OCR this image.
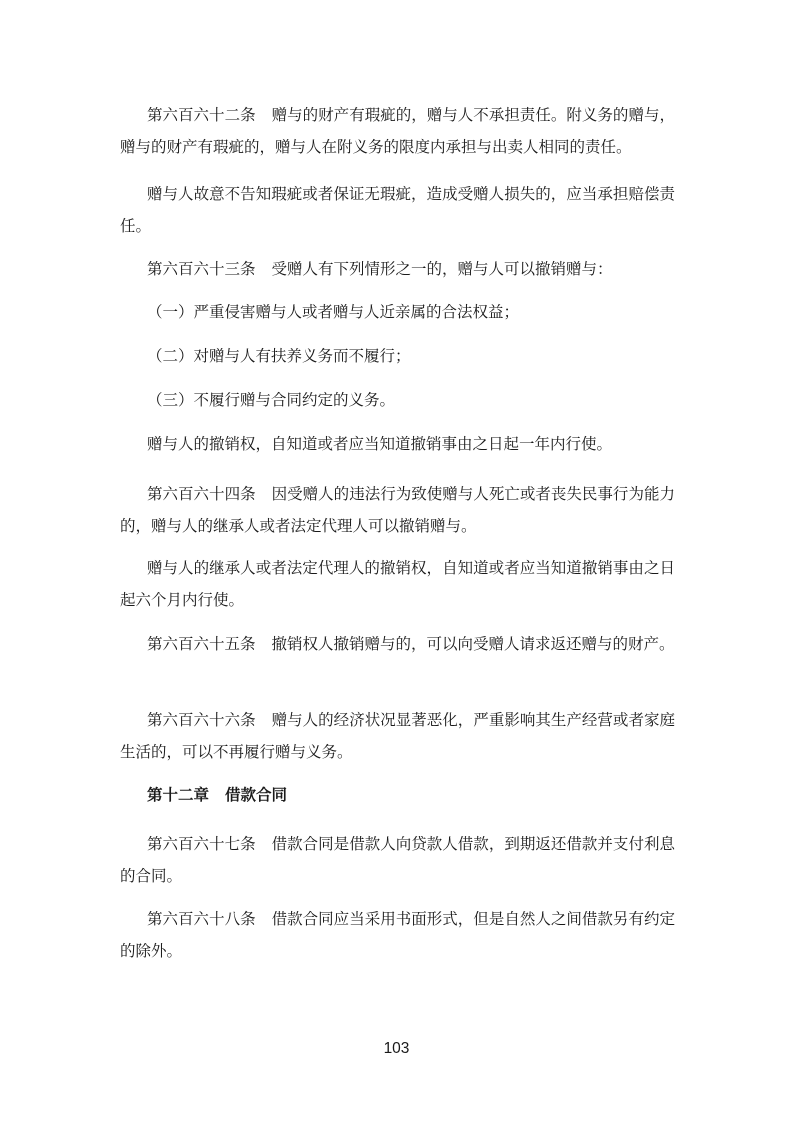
第六百六十二条 赠与的财产有瑕疵的，赠与人不承担责任。附义务的赠与，赠与的财产有瑕疵的，赠与人在附义务的限度内承担与出卖人相同的责任。

赠与人故意不告知瑕疵或者保证无瑕疵，造成受赠人损失的，应当承担赔偿责任。

第六百六十三条 受赠人有下列情形之一的，赠与人可以撤销赠与：

（一）严重侵害赠与人或者赠与人近亲属的合法权益；

（二）对赠与人有扶养义务而不履行；

（三）不履行赠与合同约定的义务。

赠与人的撤销权，自知道或者应当知道撤销事由之日起一年内行使。

第六百六十四条 因受赠人的违法行为致使赠与人死亡或者丧失民事行为能力的，赠与人的继承人或者法定代理人可以撤销赠与。

赠与人的继承人或者法定代理人的撤销权，自知道或者应当知道撤销事由之日起六个月内行使。

第六百六十五条 撤销权人撤销赠与的，可以向受赠人请求返还赠与的财产。

第六百六十六条 赠与人的经济状况显著恶化，严重影响其生产经营或者家庭生活的，可以不再履行赠与义务。

第十二章 借款合同

第六百六十七条 借款合同是借款人向贷款人借款，到期返还借款并支付利息的合同。

第六百六十八条 借款合同应当采用书面形式，但是自然人之间借款另有约定的除外。

103
